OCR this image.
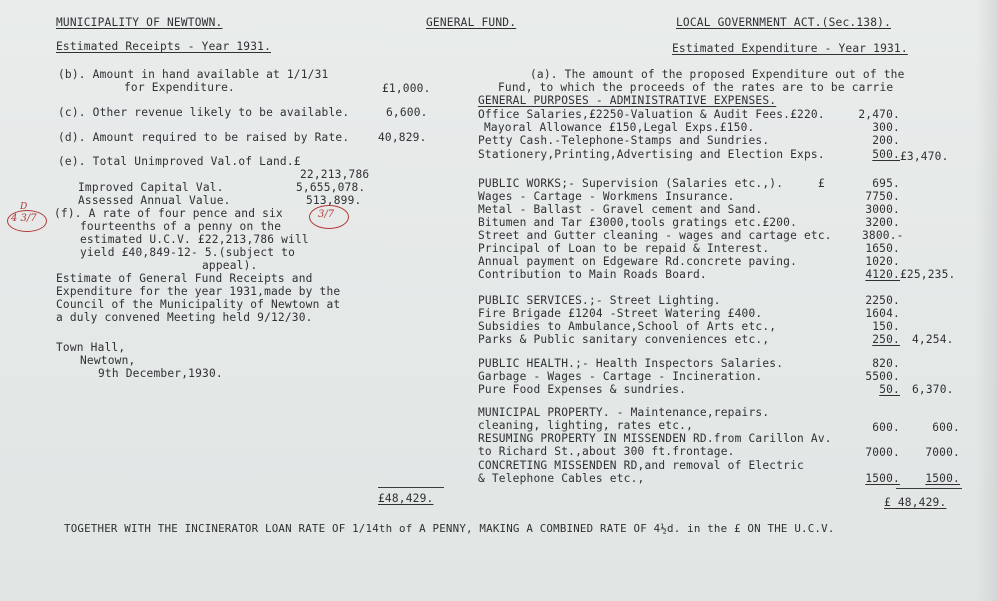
MUNICIPALITY OF NEWTOWN.	GENERAL FUND.	LOCAL GOVERNMENT ACT.(Sec.138).
Estimated Receipts - Year 1931.	Estimated Expenditure - Year 1931.
(b). Amount in hand available at 1/1/31
for Expenditure.	£1,000.
(c). Other revenue likely to be available.	6,600.
(d). Amount required to be raised by Rate.	40,829.
(e). Total Unimproved Val.of Land.£
22,213,786
Improved Capital Val.	5,655,078.
Assessed Annual Value.	513,899.
(f). A rate of four pence and six
fourteenths of a penny on the
estimated U.C.V. £22,213,786 will
yield £40,849-12- 5.(subject to
appeal).
Estimate of General Fund Receipts and
Expenditure for the year 1931,made by the
Council of the Municipality of Newtown at
a duly convened Meeting held 9/12/30.
Town Hall,
Newtown,
9th December,1930.
£48,429.
D
4 3/7	3/7
(a). The amount of the proposed Expenditure out of the
Fund, to which the proceeds of the rates are to be carrie
GENERAL PURPOSES - ADMINISTRATIVE EXPENSES.
Office Salaries,£2250-Valuation & Audit Fees.£220.	2,470.
Mayoral Allowance £150,Legal Exps.£150.	300.
Petty Cash.-Telephone-Stamps and Sundries.	200.
Stationery,Printing,Advertising and Election Exps.	500. £3,470.
PUBLIC WORKS;- Supervision (Salaries etc.,).	£	695.
Wages - Cartage - Workmens Insurance.	7750.
Metal - Ballast - Gravel cement and Sand.	3000.
Bitumen and Tar £3000,tools gratings etc.£200.	3200.
Street and Gutter cleaning - wages and cartage etc.	3800.-
Principal of Loan to be repaid & Interest.	1650.
Annual payment on Edgeware Rd.concrete paving.	1020.
Contribution to Main Roads Board.	4120. £25,235.
PUBLIC SERVICES.;- Street Lighting.	2250.
Fire Brigade £1204 -Street Watering £400.	1604.
Subsidies to Ambulance,School of Arts etc.,	150.
Parks & Public sanitary conveniences etc.,	250. 4,254.
PUBLIC HEALTH.;- Health Inspectors Salaries.	820.
Garbage - Wages - Cartage - Incineration.	5500.
Pure Food Expenses & sundries.	50. 6,370.
MUNICIPAL PROPERTY. - Maintenance,repairs.
cleaning, lighting, rates etc.,	600.	600.
RESUMING PROPERTY IN MISSENDEN RD.from Carillon Av.
to Richard St.,about 300 ft.frontage.	7000.	7000.
CONCRETING MISSENDEN RD,and removal of Electric
& Telephone Cables etc.,	1500.	1500.
£ 48,429.
TOGETHER WITH THE INCINERATOR LOAN RATE OF 1/14th of A PENNY, MAKING A COMBINED RATE OF 4½d. in the £ ON THE U.C.V.
